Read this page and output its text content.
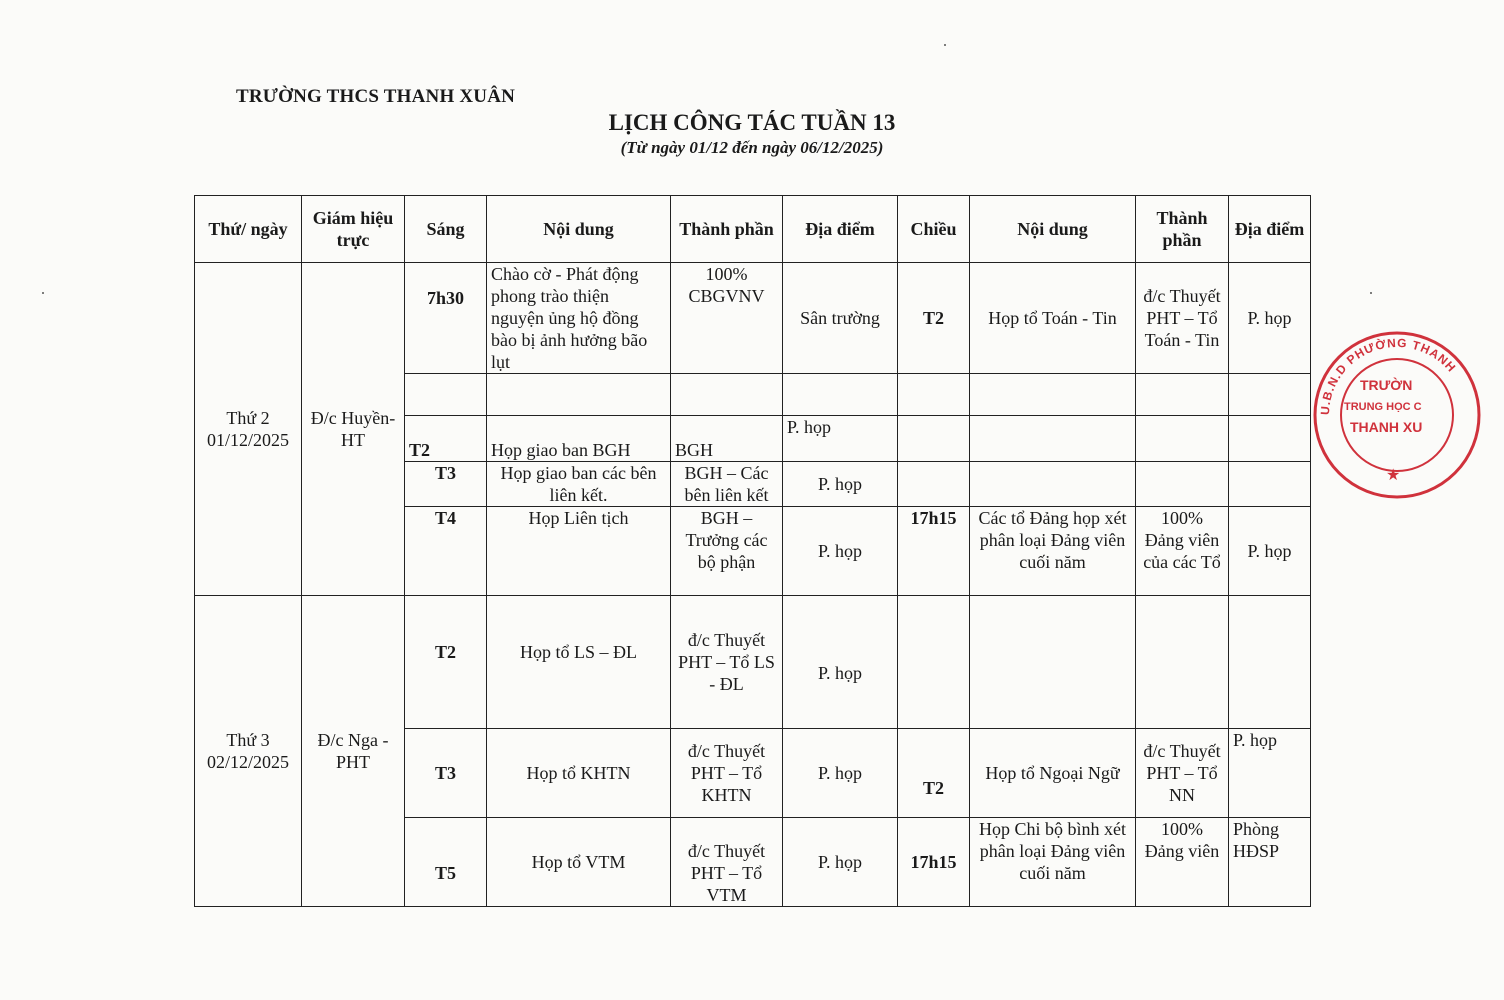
TRƯỜNG THCS THANH XUÂN
LỊCH CÔNG TÁC TUẦN 13
(Từ ngày 01/12 đến ngày 06/12/2025)
Thứ/ ngày	Giám hiệu trực	Sáng	Nội dung	Thành phần	Địa điểm	Chiều	Nội dung	Thành phần	Địa điểm
Thứ 2 01/12/2025	Đ/c Huyền- HT	7h30	Chào cờ - Phát động phong trào thiện nguyện ủng hộ đồng bào bị ảnh hưởng bão lụt	100% CBGVNV	Sân trường	T2	Họp tổ Toán - Tin	đ/c Thuyết PHT – Tổ Toán - Tin	P. họp

		T2	Họp giao ban BGH	BGH	P. họp				
		T3	Họp giao ban các bên liên kết.	BGH – Các bên liên kết	P. họp				
		T4	Họp Liên tịch	BGH – Trưởng các bộ phận	P. họp	17h15	Các tổ Đảng họp xét phân loại Đảng viên cuối năm	100% Đảng viên của các Tổ	P. họp
Thứ 3 02/12/2025	Đ/c Nga - PHT	T2	Họp tổ LS – ĐL	đ/c Thuyết PHT – Tổ LS - ĐL	P. họp				
		T3	Họp tổ KHTN	đ/c Thuyết PHT – Tổ KHTN	P. họp	T2	Họp tổ Ngoại Ngữ	đ/c Thuyết PHT – Tổ NN	P. họp
		T5	Họp tổ VTM	đ/c Thuyết PHT – Tổ VTM	P. họp	17h15	Họp Chi bộ bình xét phân loại Đảng viên cuối năm	100% Đảng viên	Phòng HĐSP
U.B.N.D PHƯỜNG THANH
TRƯỜN
TRUNG HỌC C
THANH XU
★
